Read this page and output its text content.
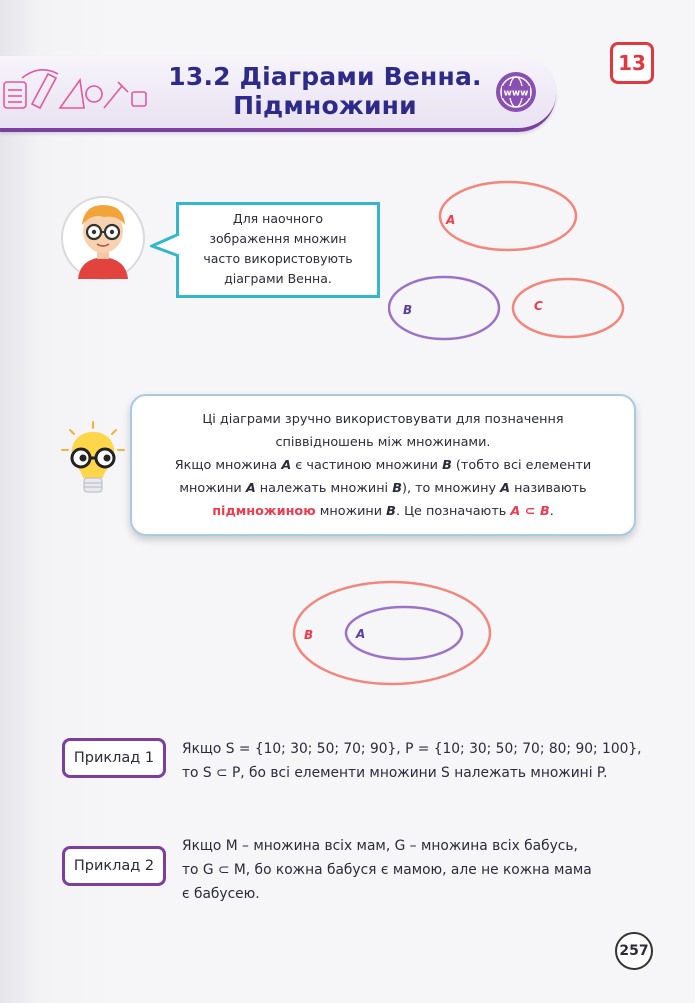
13.2 Діаграми Венна.
Підмножини	www
13
Для наочного
зображення множин
часто використовують
діаграми Венна.
A
B	C
Ці діаграми зручно використовувати для позначення
співвідношень між множинами.
Якщо множина A є частиною множини B (тобто всі елементи
множини A належать множині B), то множину A називають
підмножиною множини B. Це позначають A ⊂ B.
B	A
Приклад 1
Якщо S = {10; 30; 50; 70; 90}, P = {10; 30; 50; 70; 80; 90; 100},
то S ⊂ P, бо всі елементи множини S належать множині P.
Приклад 2
Якщо M – множина всіх мам, G – множина всіх бабусь,
то G ⊂ M, бо кожна бабуся є мамою, але не кожна мама
є бабусею.
257
